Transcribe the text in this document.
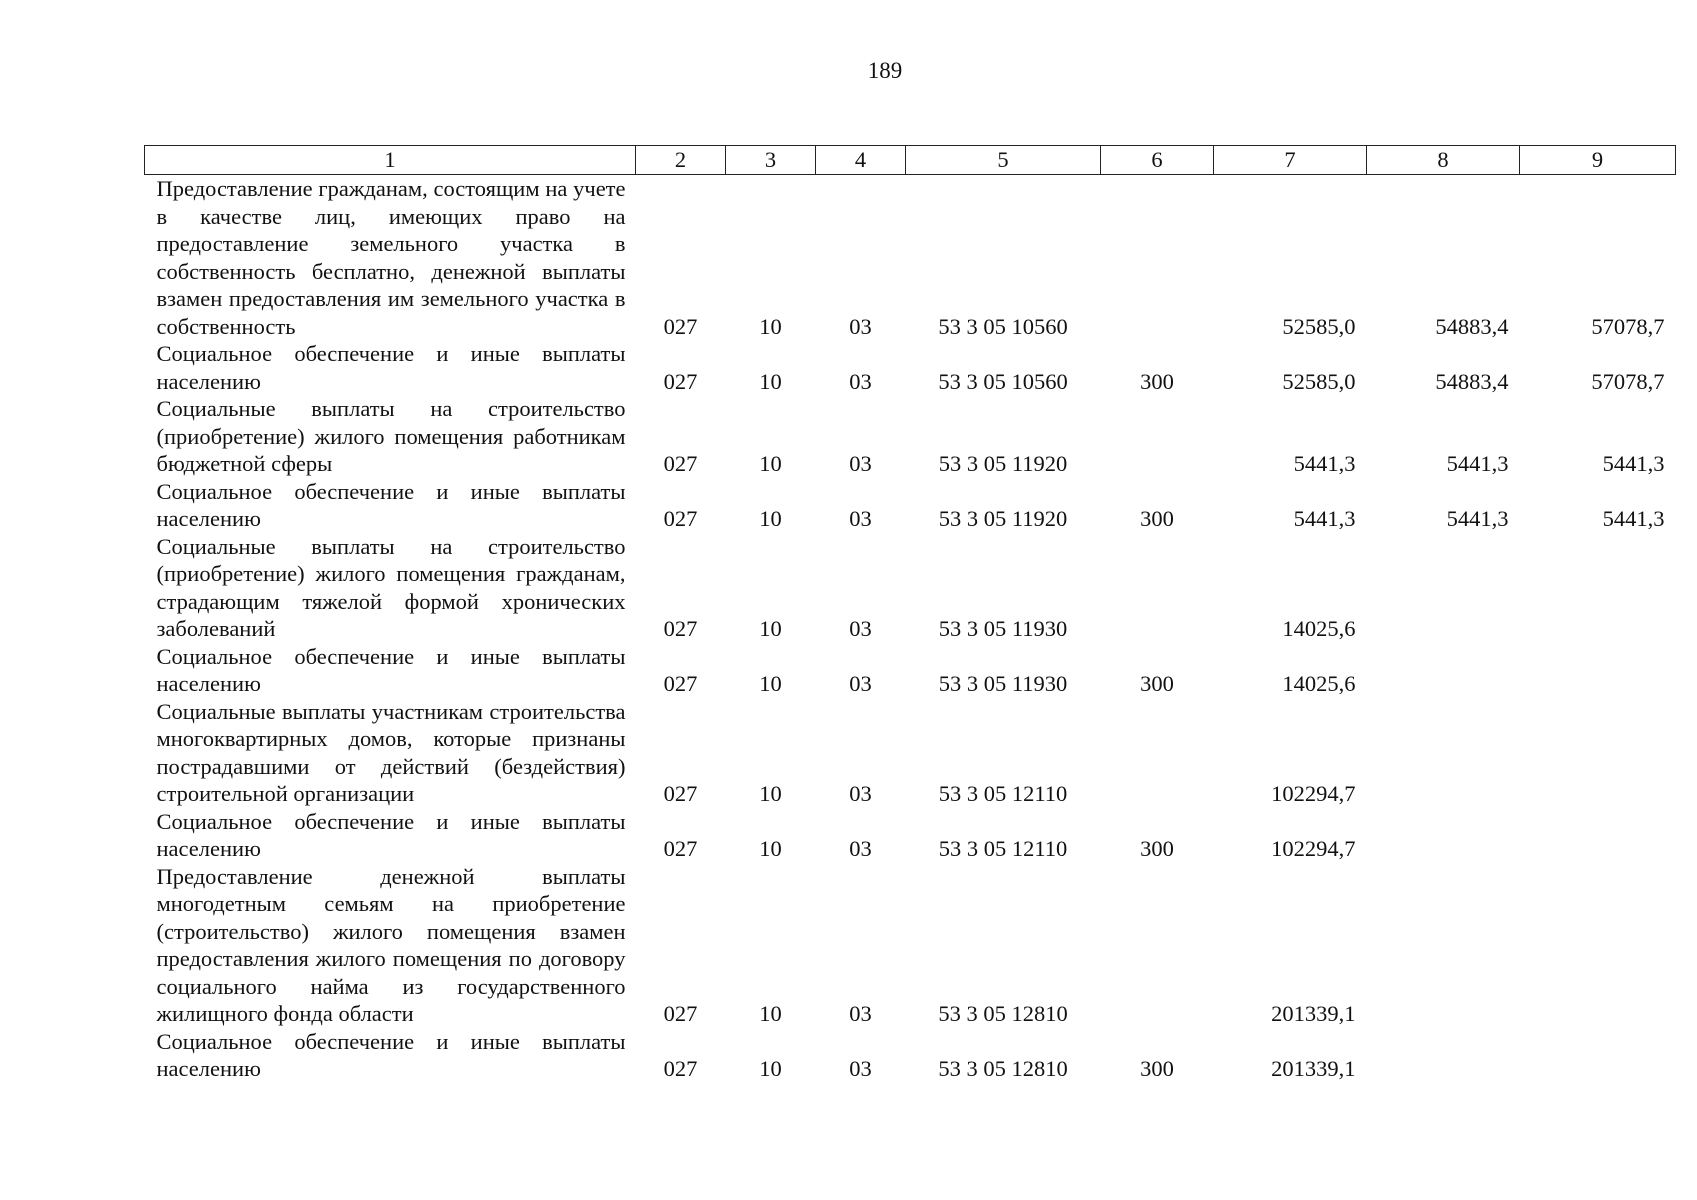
189
1	2	3	4	5	6	7	8	9
Предоставление гражданам, состоящим на учете в качестве лиц, имеющих право на предоставление земельного участка в собственность бесплатно, денежной выплаты взамен предоставления им земельного участка в собственность	027	10	03	53 3 05 10560		52585,0	54883,4	57078,7
Социальное обеспечение и иные выплаты населению	027	10	03	53 3 05 10560	300	52585,0	54883,4	57078,7
Социальные выплаты на строительство (приобретение) жилого помещения работникам бюджетной сферы	027	10	03	53 3 05 11920		5441,3	5441,3	5441,3
Социальное обеспечение и иные выплаты населению	027	10	03	53 3 05 11920	300	5441,3	5441,3	5441,3
Социальные выплаты на строительство (приобретение) жилого помещения гражданам, страдающим тяжелой формой хронических заболеваний	027	10	03	53 3 05 11930		14025,6		
Социальное обеспечение и иные выплаты населению	027	10	03	53 3 05 11930	300	14025,6		
Социальные выплаты участникам строительства многоквартирных домов, которые признаны пострадавшими от действий (бездействия) строительной организации	027	10	03	53 3 05 12110		102294,7		
Социальное обеспечение и иные выплаты населению	027	10	03	53 3 05 12110	300	102294,7		
Предоставление денежной выплаты многодетным семьям на приобретение (строительство) жилого помещения взамен предоставления жилого помещения по договору социального найма из государственного жилищного фонда области	027	10	03	53 3 05 12810		201339,1		
Социальное обеспечение и иные выплаты населению	027	10	03	53 3 05 12810	300	201339,1		
